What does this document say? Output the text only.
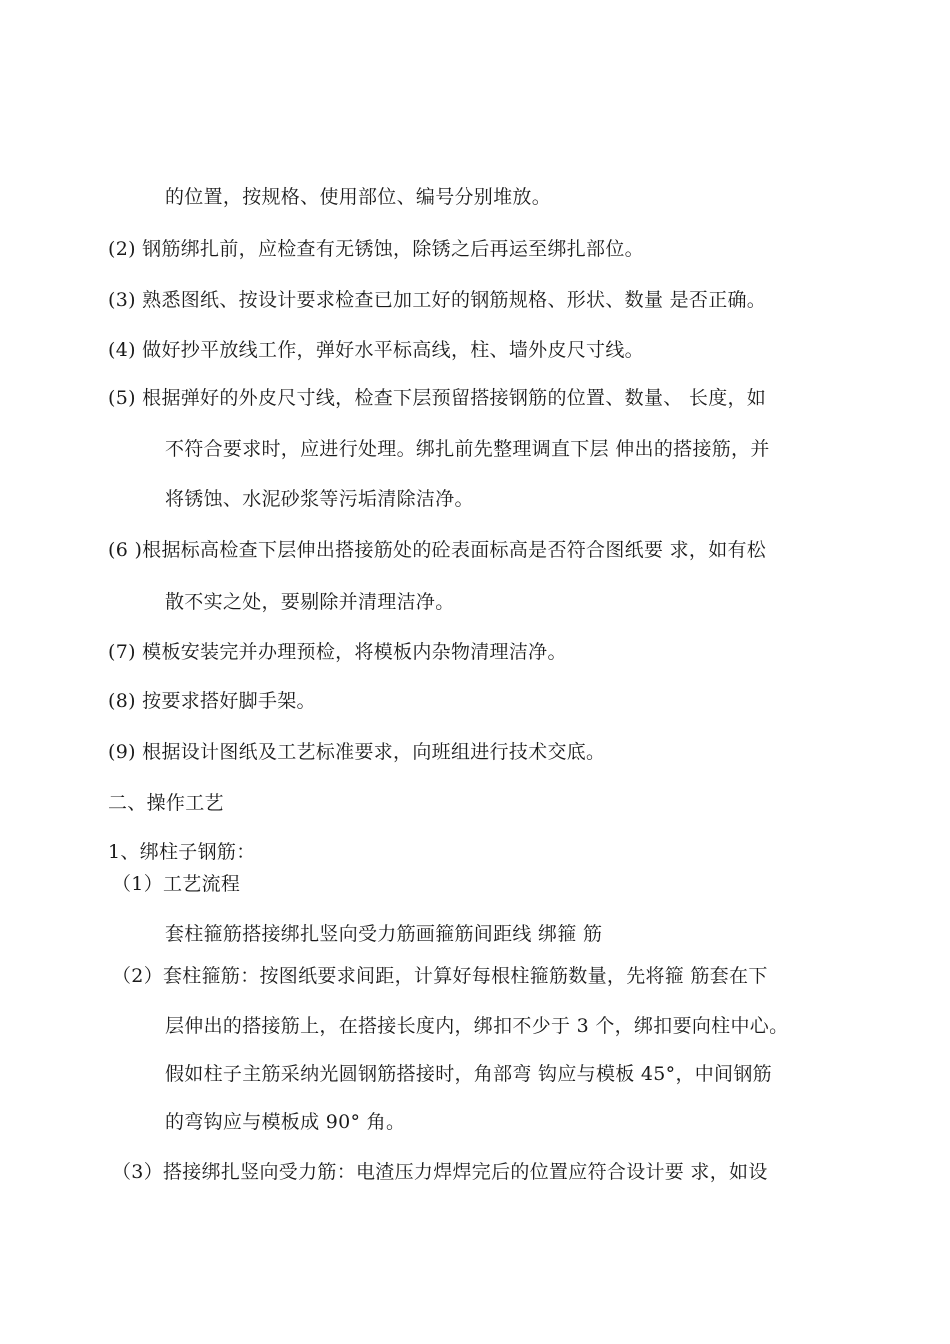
的位置，按规格、使用部位、编号分别堆放。
(2) 钢筋绑扎前，应检查有无锈蚀，除锈之后再运至绑扎部位。
(3) 熟悉图纸、按设计要求检查已加工好的钢筋规格、形状、数量 是否正确。
(4) 做好抄平放线工作，弹好水平标高线，柱、墙外皮尺寸线。
(5) 根据弹好的外皮尺寸线，检查下层预留搭接钢筋的位置、数量、 长度，如
不符合要求时，应进行处理。绑扎前先整理调直下层 伸出的搭接筋，并
将锈蚀、水泥砂浆等污垢清除洁净。
(6 )根据标高检查下层伸出搭接筋处的砼表面标高是否符合图纸要 求，如有松
散不实之处，要剔除并清理洁净。
(7) 模板安装完并办理预检，将模板内杂物清理洁净。
(8) 按要求搭好脚手架。
(9) 根据设计图纸及工艺标准要求，向班组进行技术交底。
二、操作工艺
1、绑柱子钢筋：
（1）工艺流程
套柱箍筋搭接绑扎竖向受力筋画箍筋间距线 绑箍 筋
（2）套柱箍筋：按图纸要求间距，计算好每根柱箍筋数量，先将箍 筋套在下
层伸出的搭接筋上，在搭接长度内，绑扣不少于 3 个，绑扣要向柱中心。
假如柱子主筋采纳光圆钢筋搭接时，角部弯 钩应与模板 45°，中间钢筋
的弯钩应与模板成 90° 角。
（3）搭接绑扎竖向受力筋：电渣压力焊焊完后的位置应符合设计要 求，如设
